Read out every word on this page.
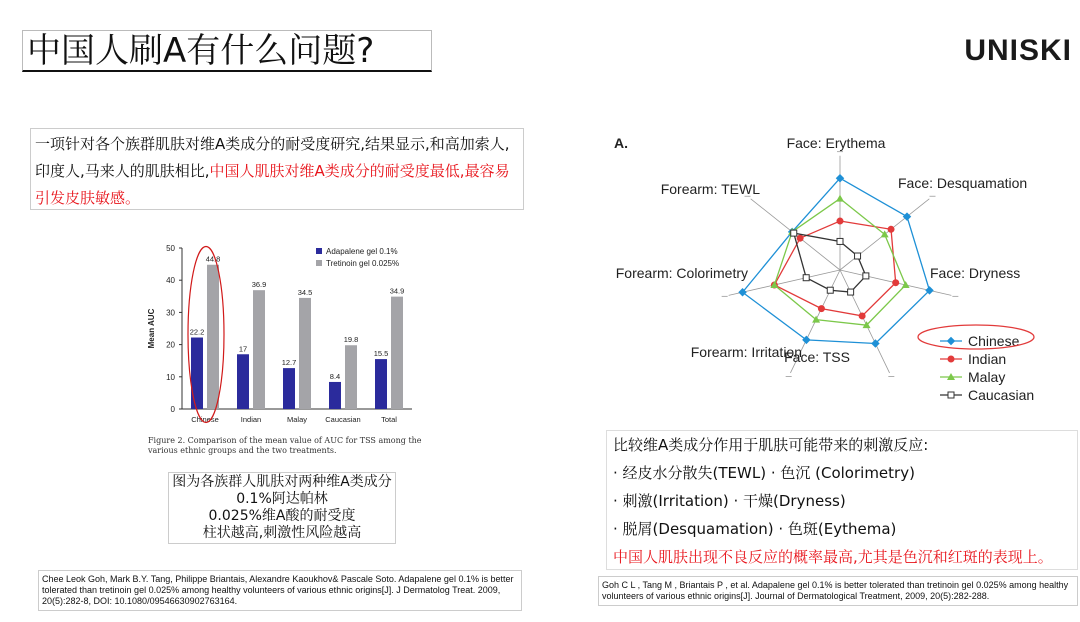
中国人刷A有什么问题?	UNISKI
一项针对各个族群肌肤对维A类成分的耐受度研究,结果显示,和高加索人,印度人,马来人的肌肤相比,中国人肌肤对维A类成分的耐受度最低,最容易引发皮肤敏感。
0
10
20
30
40
50
Mean AUC	22.2
44.8
Chinese
17
36.9
Indian
12.7
34.5
Malay
8.4
19.8
Caucasian
15.5
34.9
Total
Adapalene gel 0.1%
Tretinoin gel 0.025%
Figure 2. Comparison of the mean value of AUC for TSS among the various ethnic groups and the two treatments.
图为各族群人肌肤对两种维A类成分
0.1%阿达帕林
0.025%维A酸的耐受度
柱状越高,刺激性风险越高
Chee Leok Goh, Mark B.Y. Tang, Philippe Briantais, Alexandre Kaoukhov& Pascale Soto. Adapalene gel 0.1% is better tolerated than tretinoin gel 0.025% among healthy volunteers of various ethnic origins[J]. J Dermatolog Treat. 2009, 20(5):282-8, DOI: 10.1080/09546630902763164.
Face: Erythema
Face: Desquamation
Face: Dryness
Face: TSS
Forearm: Irritation
Forearm: Colorimetry
Forearm: TEWL
A.
Chinese
Indian
Malay
Caucasian
比较维A类成分作用于肌肤可能带来的刺激反应:
· 经皮水分散失(TEWL) · 色沉 (Colorimetry)
· 刺激(Irritation) · 干燥(Dryness)
· 脱屑(Desquamation) · 色斑(Eythema)
中国人肌肤出现不良反应的概率最高,尤其是色沉和红斑的表现上。
Goh C L , Tang M , Briantais P , et al. Adapalene gel 0.1% is better tolerated than tretinoin gel 0.025% among healthy volunteers of various ethnic origins[J]. Journal of Dermatological Treatment, 2009, 20(5):282-288.
